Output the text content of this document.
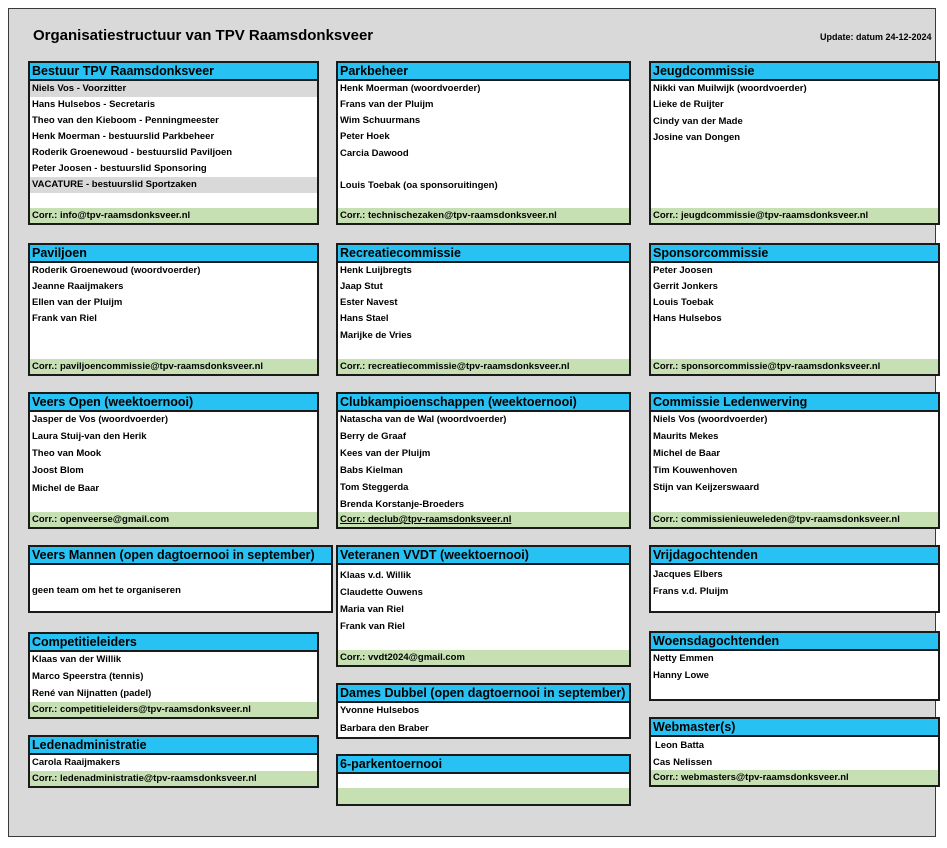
Organisatiestructuur van TPV Raamsdonksveer	Update: datum 24-12-2024
Bestuur TPV Raamsdonksveer
Niels Vos - Voorzitter
Hans Hulsebos - Secretaris
Theo van den Kieboom - Penningmeester
Henk Moerman - bestuurslid Parkbeheer
Roderik Groenewoud - bestuurslid Paviljoen
Peter Joosen - bestuurslid Sponsoring
VACATURE - bestuurslid Sportzaken
Corr.: info@tpv-raamsdonksveer.nl
Paviljoen
Roderik Groenewoud (woordvoerder)
Jeanne Raaijmakers
Ellen van der Pluijm
Frank van Riel
Corr.: paviljoencommissie@tpv-raamsdonksveer.nl
Veers Open (weektoernooi)
Jasper de Vos (woordvoerder)
Laura Stuij-van den Herik
Theo van Mook
Joost Blom
Michel de Baar
Corr.: openveerse@gmail.com
Veers Mannen (open dagtoernooi in september)
geen team om het te organiseren
Competitieleiders
Klaas van der Willik
Marco Speerstra (tennis)
René van Nijnatten (padel)
Corr.: competitieleiders@tpv-raamsdonksveer.nl
Ledenadministratie
Carola Raaijmakers
Corr.: ledenadministratie@tpv-raamsdonksveer.nl
Parkbeheer
Henk Moerman (woordvoerder)
Frans van der Pluijm
Wim Schuurmans
Peter Hoek
Carcia Dawood
Louis Toebak (oa sponsoruitingen)
Corr.: technischezaken@tpv-raamsdonksveer.nl
Recreatiecommissie
Henk Luijbregts
Jaap Stut
Ester Navest
Hans Stael
Marijke de Vries
Corr.: recreatiecommissie@tpv-raamsdonksveer.nl
Clubkampioenschappen (weektoernooi)
Natascha van de Wal (woordvoerder)
Berry de Graaf
Kees van der Pluijm
Babs Kielman
Tom Steggerda
Brenda Korstanje-Broeders
Corr.: declub@tpv-raamsdonksveer.nl
Veteranen VVDT (weektoernooi)
Klaas v.d. Willik
Claudette Ouwens
Maria van Riel
Frank van Riel
Corr.: vvdt2024@gmail.com
Dames Dubbel (open dagtoernooi in september)
Yvonne Hulsebos
Barbara den Braber
6-parkentoernooi
Jeugdcommissie
Nikki van Muilwijk (woordvoerder)
Lieke de Ruijter
Cindy van der Made
Josine van Dongen
Corr.: jeugdcommissie@tpv-raamsdonksveer.nl
Sponsorcommissie
Peter Joosen
Gerrit Jonkers
Louis Toebak
Hans Hulsebos
Corr.: sponsorcommissie@tpv-raamsdonksveer.nl
Commissie Ledenwerving
Niels Vos (woordvoerder)
Maurits Mekes
Michel de Baar
Tim Kouwenhoven
Stijn van Keijzerswaard
Corr.: commissienieuweleden@tpv-raamsdonksveer.nl
Vrijdagochtenden
Jacques Elbers
Frans v.d. Pluijm
Woensdagochtenden
Netty Emmen
Hanny Lowe
Webmaster(s)
Leon Batta
Cas Nelissen
Corr.: webmasters@tpv-raamsdonksveer.nl
